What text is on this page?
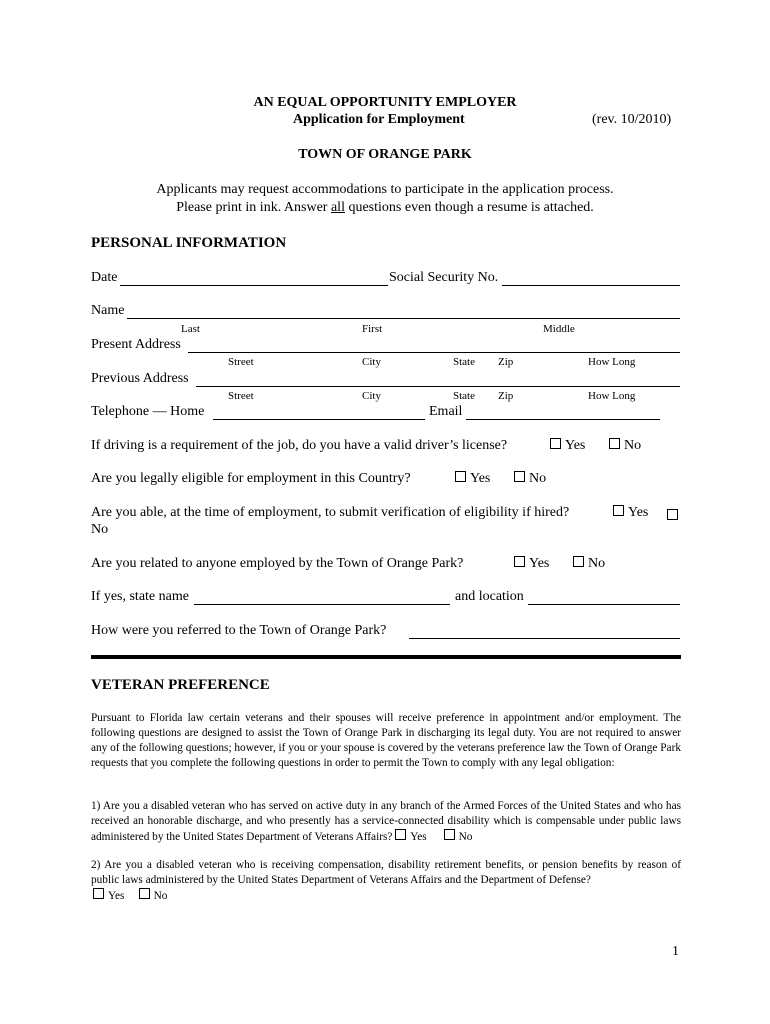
AN EQUAL OPPORTUNITY EMPLOYER
Application for Employment	(rev. 10/2010)
TOWN OF ORANGE PARK
Applicants may request accommodations to participate in the application process.
Please print in ink. Answer all questions even though a resume is attached.
PERSONAL INFORMATION
Date	Social Security No.
Name
Last	First	Middle
Present Address
Street	City	State Zip	How Long
Previous Address
Street	City	State Zip	How Long
Telephone — Home	Email
If driving is a requirement of the job, do you have a valid driver’s license?	Yes	No
Are you legally eligible for employment in this Country?	Yes	No
Are you able, at the time of employment, to submit verification of eligibility if hired?	Yes
No
Are you related to anyone employed by the Town of Orange Park?	Yes	No
If yes, state name	and location
How were you referred to the Town of Orange Park?
VETERAN PREFERENCE
Pursuant to Florida law certain veterans and their spouses will receive preference in appointment and/or employment. The following questions are designed to assist the Town of Orange Park in discharging its legal duty. You are not required to answer any of the following questions; however, if you or your spouse is covered by the veterans preference law the Town of Orange Park requests that you complete the following questions in order to permit the Town to comply with any legal obligation:
1) Are you a disabled veteran who has served on active duty in any branch of the Armed Forces of the United States and who has received an honorable discharge, and who presently has a service-connected disability which is compensable under public laws administered by the United States Department of Veterans Affairs? Yes	No
2) Are you a disabled veteran who is receiving compensation, disability retirement benefits, or pension benefits by reason of public laws administered by the United States Department of Veterans Affairs and the Department of Defense?
Yes	No
1
